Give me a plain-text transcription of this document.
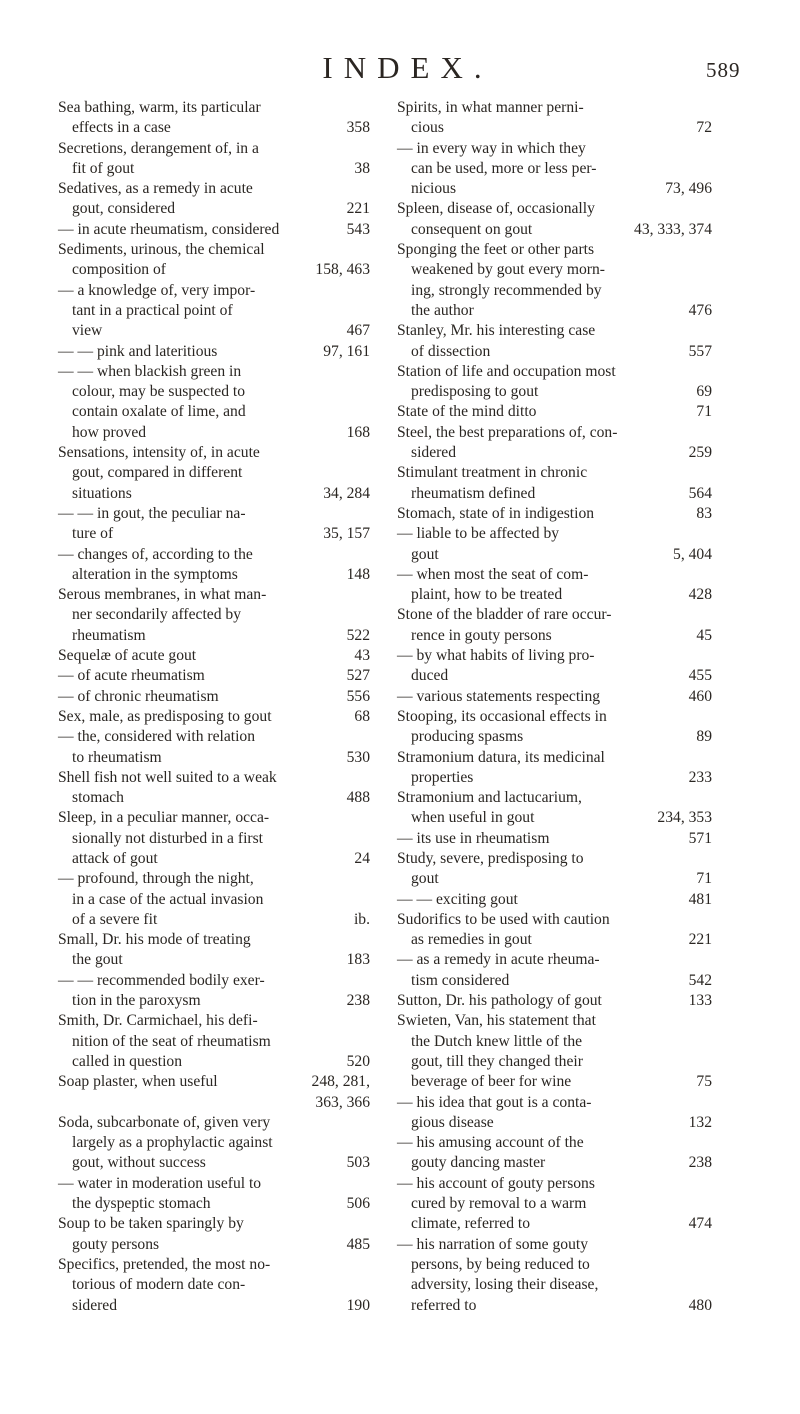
INDEX.	589
Sea bathing, warm, its particular
effects in a case	358
Secretions, derangement of, in a
fit of gout	38
Sedatives, as a remedy in acute
gout, considered	221
— in acute rheumatism, considered	543
Sediments, urinous, the chemical
composition of	158, 463
— a knowledge of, very impor-
tant in a practical point of
view	467
— — pink and lateritious	97, 161
— — when blackish green in
colour, may be suspected to
contain oxalate of lime, and
how proved	168
Sensations, intensity of, in acute
gout, compared in different
situations	34, 284
— — in gout, the peculiar na-
ture of	35, 157
— changes of, according to the
alteration in the symptoms	148
Serous membranes, in what man-
ner secondarily affected by
rheumatism	522
Sequelæ of acute gout	43
— of acute rheumatism	527
— of chronic rheumatism	556
Sex, male, as predisposing to gout	68
— the, considered with relation
to rheumatism	530
Shell fish not well suited to a weak
stomach	488
Sleep, in a peculiar manner, occa-
sionally not disturbed in a first
attack of gout	24
— profound, through the night,
in a case of the actual invasion
of a severe fit	ib.
Small, Dr. his mode of treating
the gout	183
— — recommended bodily exer-
tion in the paroxysm	238
Smith, Dr. Carmichael, his defi-
nition of the seat of rheumatism
called in question	520
Soap plaster, when useful	248, 281,
363, 366
Soda, subcarbonate of, given very
largely as a prophylactic against
gout, without success	503
— water in moderation useful to
the dyspeptic stomach	506
Soup to be taken sparingly by
gouty persons	485
Specifics, pretended, the most no-
torious of modern date con-
sidered	190
Spirits, in what manner perni-
cious	72
— in every way in which they
can be used, more or less per-
nicious	73, 496
Spleen, disease of, occasionally
consequent on gout	43, 333, 374
Sponging the feet or other parts
weakened by gout every morn-
ing, strongly recommended by
the author	476
Stanley, Mr. his interesting case
of dissection	557
Station of life and occupation most
predisposing to gout	69
State of the mind ditto	71
Steel, the best preparations of, con-
sidered	259
Stimulant treatment in chronic
rheumatism defined	564
Stomach, state of in indigestion	83
— liable to be affected by
gout	5, 404
— when most the seat of com-
plaint, how to be treated	428
Stone of the bladder of rare occur-
rence in gouty persons	45
— by what habits of living pro-
duced	455
— various statements respecting	460
Stooping, its occasional effects in
producing spasms	89
Stramonium datura, its medicinal
properties	233
Stramonium and lactucarium,
when useful in gout	234, 353
— its use in rheumatism	571
Study, severe, predisposing to
gout	71
— — exciting gout	481
Sudorifics to be used with caution
as remedies in gout	221
— as a remedy in acute rheuma-
tism considered	542
Sutton, Dr. his pathology of gout	133
Swieten, Van, his statement that
the Dutch knew little of the
gout, till they changed their
beverage of beer for wine	75
— his idea that gout is a conta-
gious disease	132
— his amusing account of the
gouty dancing master	238
— his account of gouty persons
cured by removal to a warm
climate, referred to	474
— his narration of some gouty
persons, by being reduced to
adversity, losing their disease,
referred to	480
